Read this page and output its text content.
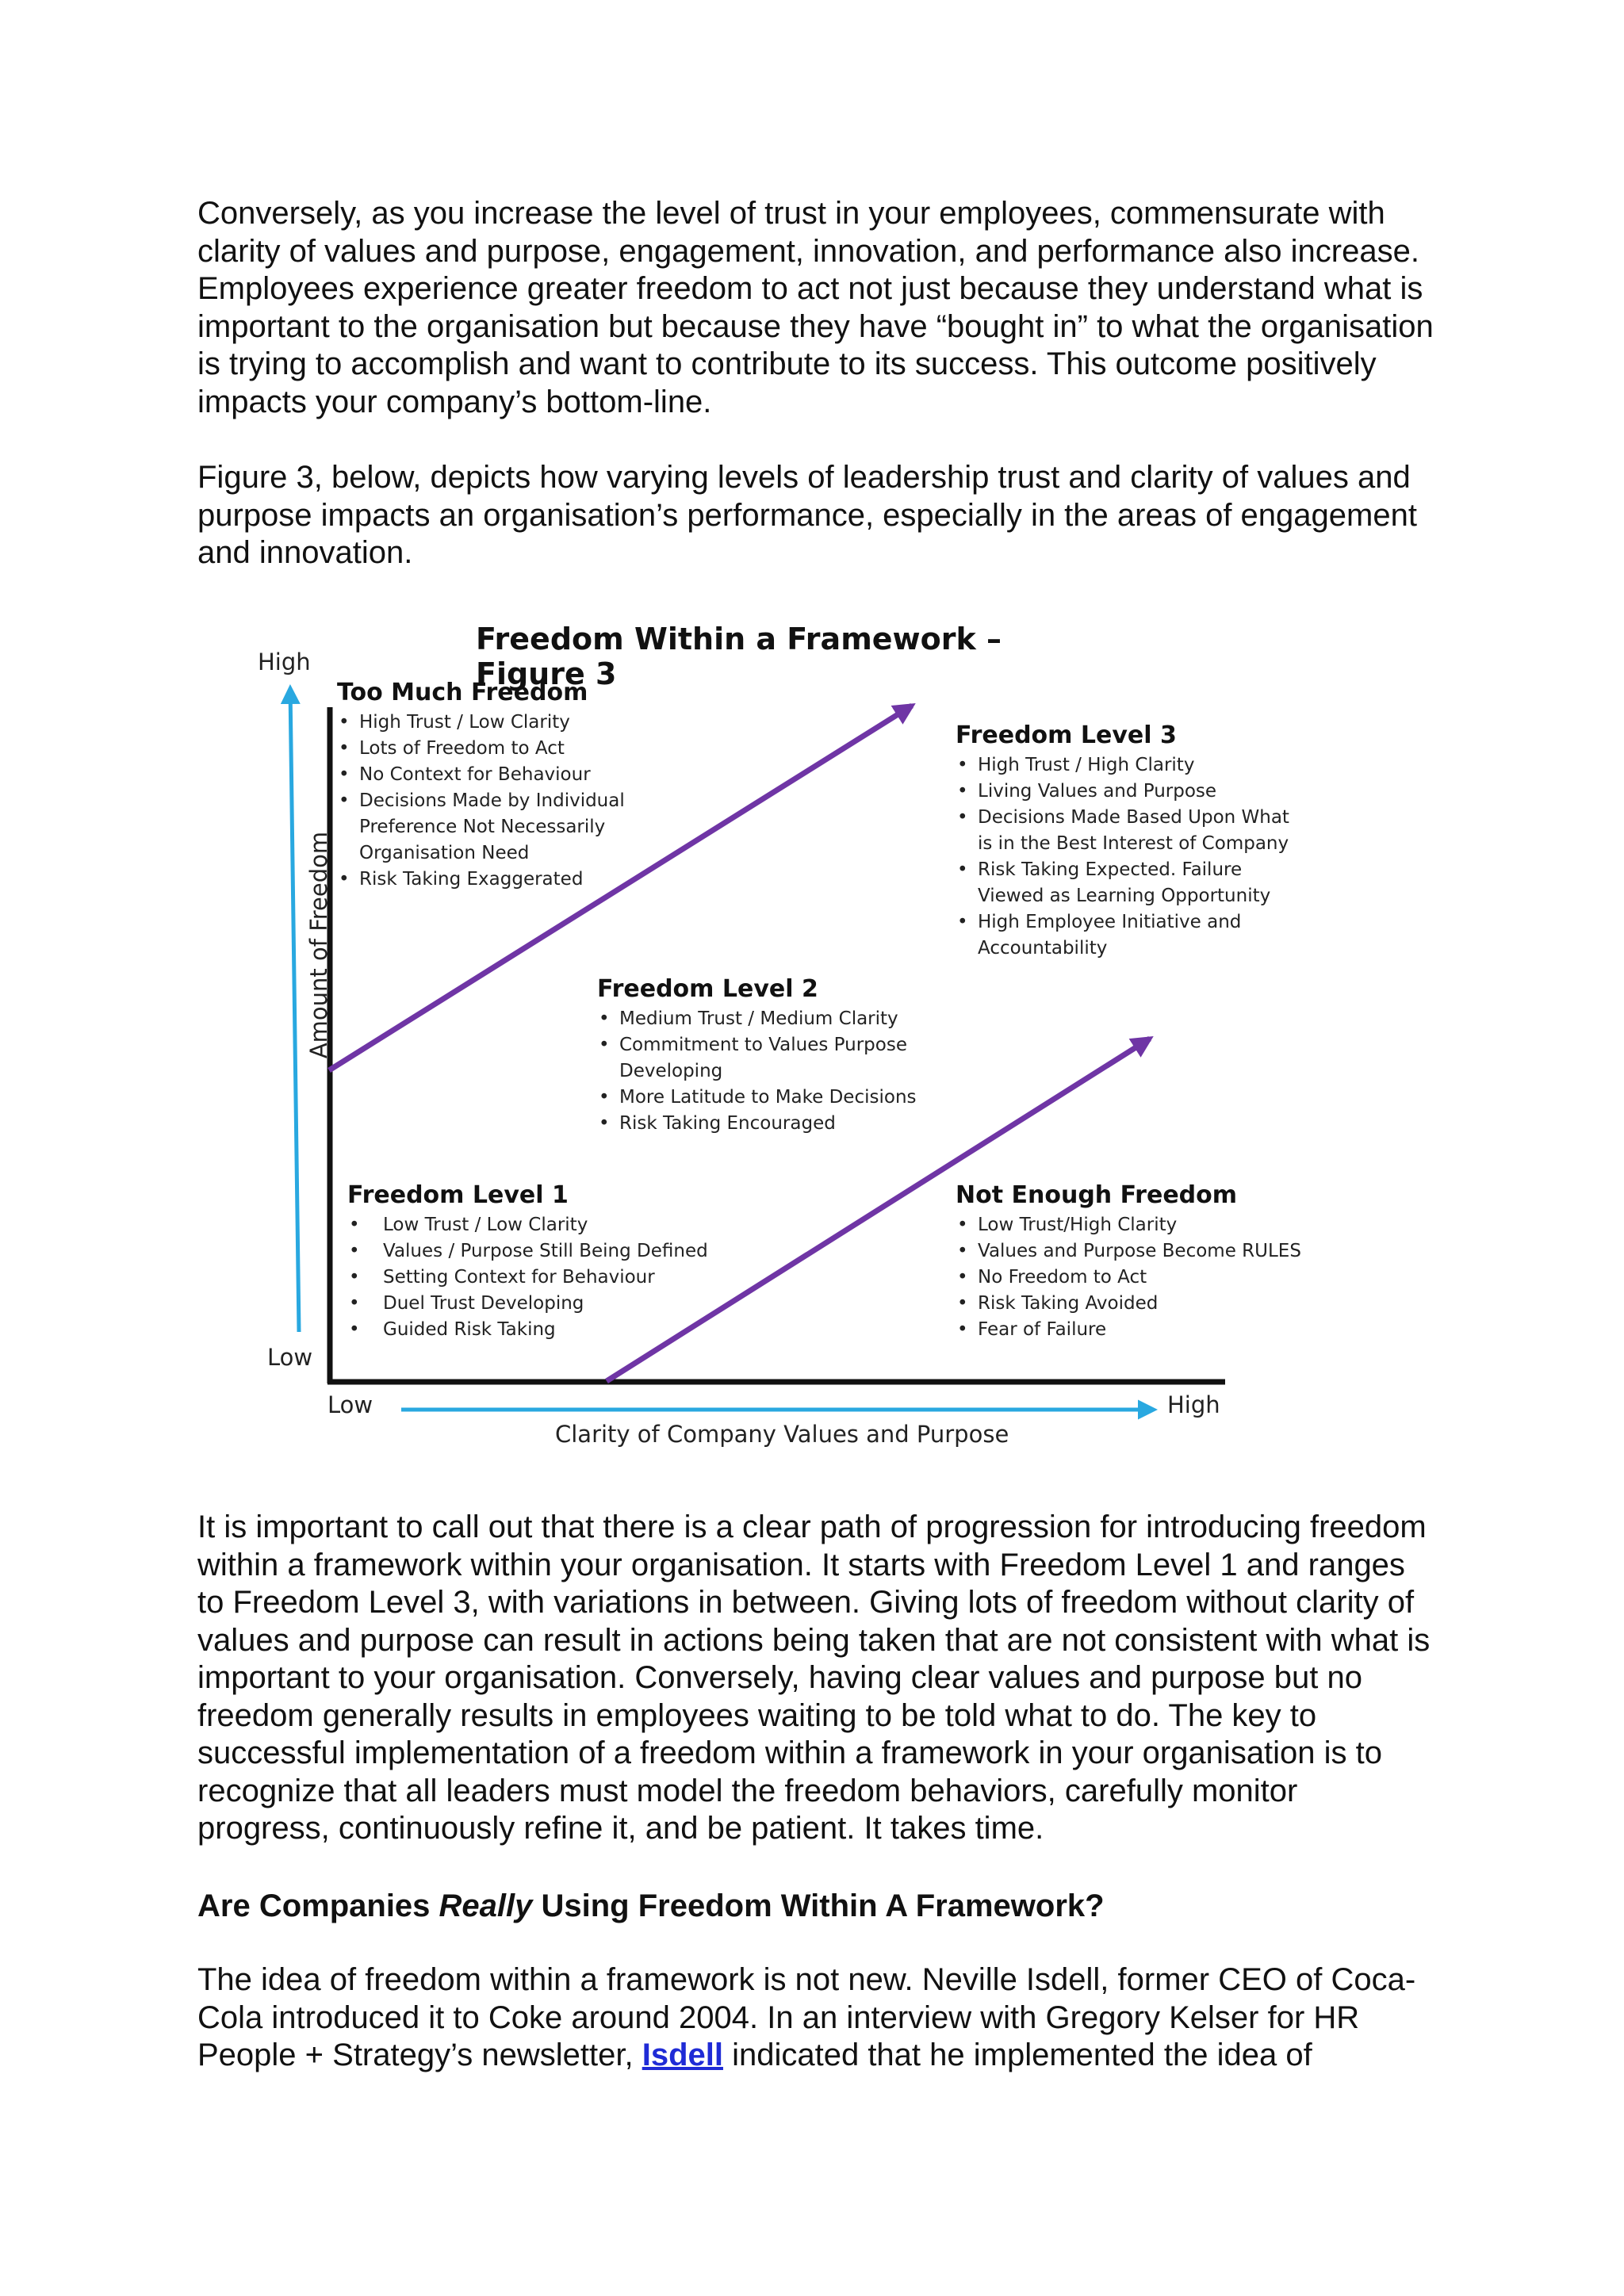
Conversely, as you increase the level of trust in your employees, commensurate with clarity of values and purpose, engagement, innovation, and performance also increase. Employees experience greater freedom to act not just because they understand what is important to the organisation but because they have “bought in” to what the organisation is trying to accomplish and want to contribute to its success. This outcome positively impacts your company’s bottom-line.

Figure 3, below, depicts how varying levels of leadership trust and clarity of values and purpose impacts an organisation’s performance, especially in the areas of engagement and innovation.

Freedom Within a Framework – Figure 3
High
Low
Amount of Freedom
Low	High
Clarity of Company Values and Purpose
Too Much Freedom
• High Trust / Low Clarity
• Lots of Freedom to Act
• No Context for Behaviour
• Decisions Made by Individual Preference Not Necessarily Organisation Need
• Risk Taking Exaggerated
Freedom Level 3
• High Trust / High Clarity
• Living Values and Purpose
• Decisions Made Based Upon What is in the Best Interest of Company
• Risk Taking Expected. Failure Viewed as Learning Opportunity
• High Employee Initiative and Accountability
Freedom Level 2
• Medium Trust / Medium Clarity
• Commitment to Values Purpose Developing
• More Latitude to Make Decisions
• Risk Taking Encouraged
Freedom Level 1
• Low Trust / Low Clarity
• Values / Purpose Still Being Defined
• Setting Context for Behaviour
• Duel Trust Developing
• Guided Risk Taking
Not Enough Freedom
• Low Trust/High Clarity
• Values and Purpose Become RULES
• No Freedom to Act
• Risk Taking Avoided
• Fear of Failure

It is important to call out that there is a clear path of progression for introducing freedom within a framework within your organisation. It starts with Freedom Level 1 and ranges to Freedom Level 3, with variations in between. Giving lots of freedom without clarity of values and purpose can result in actions being taken that are not consistent with what is important to your organisation. Conversely, having clear values and purpose but no freedom generally results in employees waiting to be told what to do. The key to successful implementation of a freedom within a framework in your organisation is to recognize that all leaders must model the freedom behaviors, carefully monitor progress, continuously refine it, and be patient. It takes time.

Are Companies Really Using Freedom Within A Framework?

The idea of freedom within a framework is not new. Neville Isdell, former CEO of Coca-Cola introduced it to Coke around 2004. In an interview with Gregory Kelser for HR People + Strategy’s newsletter, Isdell indicated that he implemented the idea of
